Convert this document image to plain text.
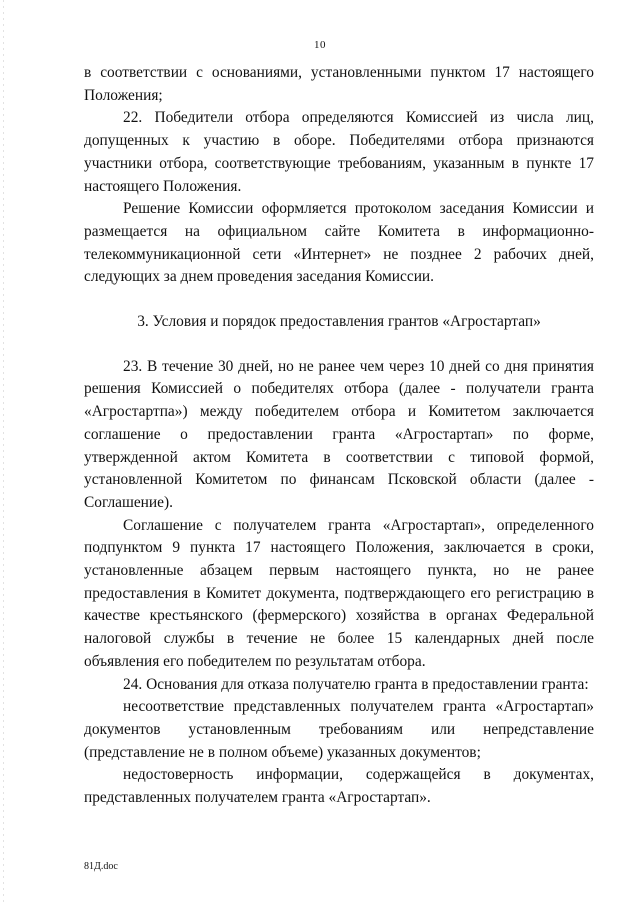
10

в соответствии с основаниями, установленными пунктом 17 настоящего Положения;

22. Победители отбора определяются Комиссией из числа лиц, допущенных к участию в оборе. Победителями отбора признаются участники отбора, соответствующие требованиям, указанным в пункте 17 настоящего Положения.

Решение Комиссии оформляется протоколом заседания Комиссии и размещается на официальном сайте Комитета в информационно-телекоммуникационной сети «Интернет» не позднее 2 рабочих дней, следующих за днем проведения заседания Комиссии.

3. Условия и порядок предоставления грантов «Агростартап»

23. В течение 30 дней, но не ранее чем через 10 дней со дня принятия решения Комиссией о победителях отбора (далее - получатели гранта «Агростартпа») между победителем отбора и Комитетом заключается соглашение о предоставлении гранта «Агростартап» по форме, утвержденной актом Комитета в соответствии с типовой формой, установленной Комитетом по финансам Псковской области (далее - Соглашение).

Соглашение с получателем гранта «Агростартап», определенного подпунктом 9 пункта 17 настоящего Положения, заключается в сроки, установленные абзацем первым настоящего пункта, но не ранее предоставления в Комитет документа, подтверждающего его регистрацию в качестве крестьянского (фермерского) хозяйства в органах Федеральной налоговой службы в течение не более 15 календарных дней после объявления его победителем по результатам отбора.

24. Основания для отказа получателю гранта в предоставлении гранта:

несоответствие представленных получателем гранта «Агростартап» документов установленным требованиям или непредставление (представление не в полном объеме) указанных документов;

недостоверность информации, содержащейся в документах, представленных получателем гранта «Агростартап».

81Д.doc
